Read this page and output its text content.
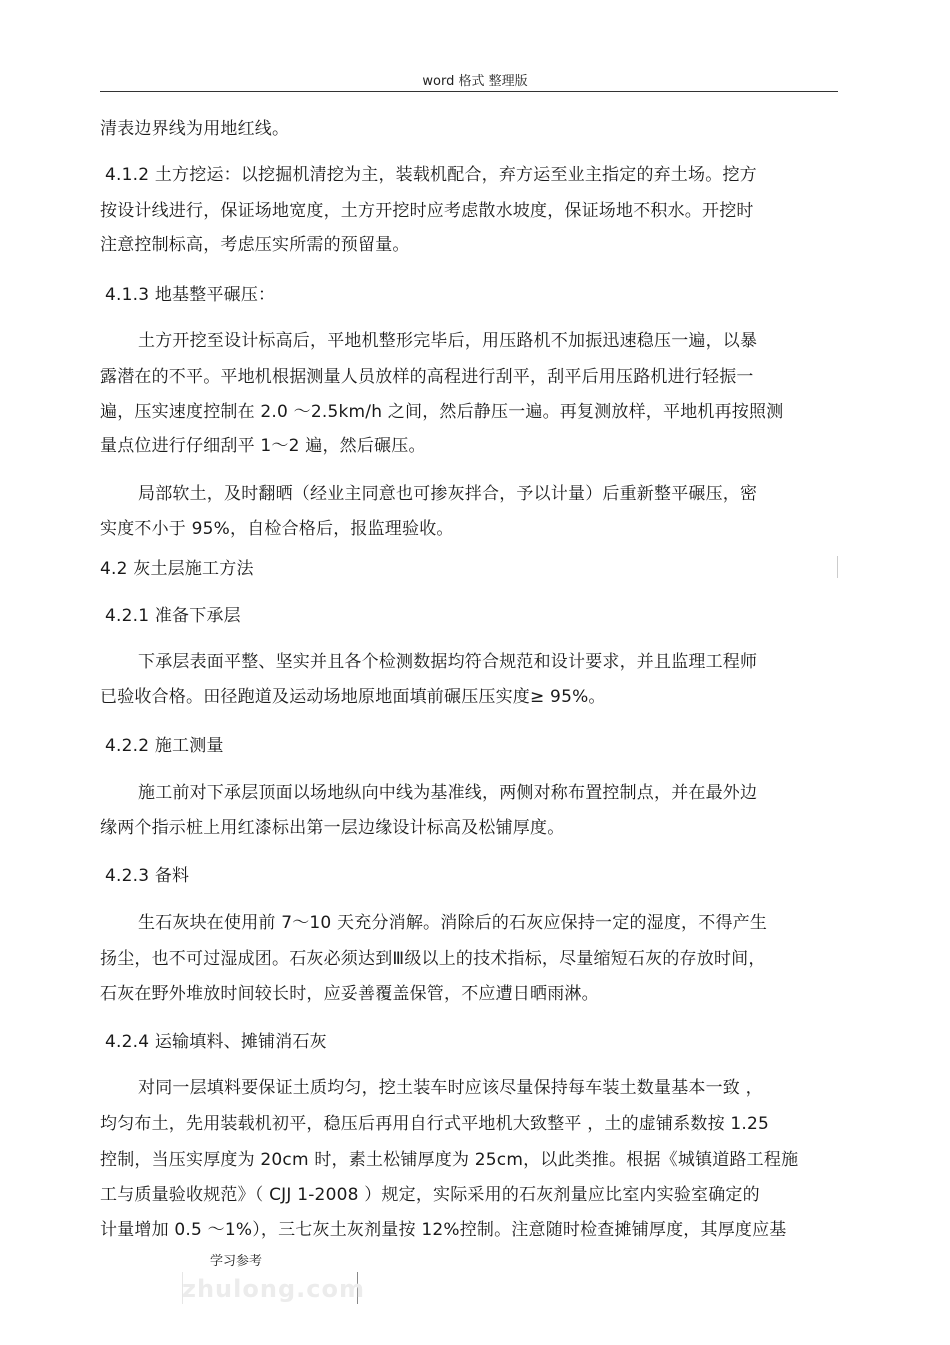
word 格式 整理版
清表边界线为用地红线。
4.1.2 土方挖运：以挖掘机清挖为主，装载机配合，弃方运至业主指定的弃土场。挖方
按设计线进行，保证场地宽度，土方开挖时应考虑散水坡度，保证场地不积水。开挖时
注意控制标高，考虑压实所需的预留量。
4.1.3 地基整平碾压：
土方开挖至设计标高后，平地机整形完毕后，用压路机不加振迅速稳压一遍，以暴
露潜在的不平。平地机根据测量人员放样的高程进行刮平，刮平后用压路机进行轻振一
遍，压实速度控制在 2.0 ～2.5km/h 之间，然后静压一遍。再复测放样，平地机再按照测
量点位进行仔细刮平 1～2 遍，然后碾压。
局部软土，及时翻晒（经业主同意也可掺灰拌合，予以计量）后重新整平碾压，密
实度不小于 95%，自检合格后，报监理验收。
4.2 灰土层施工方法
4.2.1 准备下承层
下承层表面平整、坚实并且各个检测数据均符合规范和设计要求，并且监理工程师
已验收合格。田径跑道及运动场地原地面填前碾压压实度≥ 95%。
4.2.2 施工测量
施工前对下承层顶面以场地纵向中线为基准线，两侧对称布置控制点，并在最外边
缘两个指示桩上用红漆标出第一层边缘设计标高及松铺厚度。
4.2.3 备料
生石灰块在使用前 7～10 天充分消解。消除后的石灰应保持一定的湿度，不得产生
扬尘，也不可过湿成团。石灰必须达到Ⅲ级以上的技术指标，尽量缩短石灰的存放时间，
石灰在野外堆放时间较长时，应妥善覆盖保管，不应遭日晒雨淋。
4.2.4 运输填料、摊铺消石灰
对同一层填料要保证土质均匀，挖土装车时应该尽量保持每车装土数量基本一致 ，
均匀布土，先用装载机初平，稳压后再用自行式平地机大致整平 ，土的虚铺系数按 1.25
控制，当压实厚度为 20cm 时，素土松铺厚度为 25cm，以此类推。根据《城镇道路工程施
工与质量验收规范》（ CJJ 1-2008 ）规定，实际采用的石灰剂量应比室内实验室确定的
计量增加 0.5 ～1%），三七灰土灰剂量按 12%控制。注意随时检查摊铺厚度，其厚度应基
学习参考
zhulong.com
